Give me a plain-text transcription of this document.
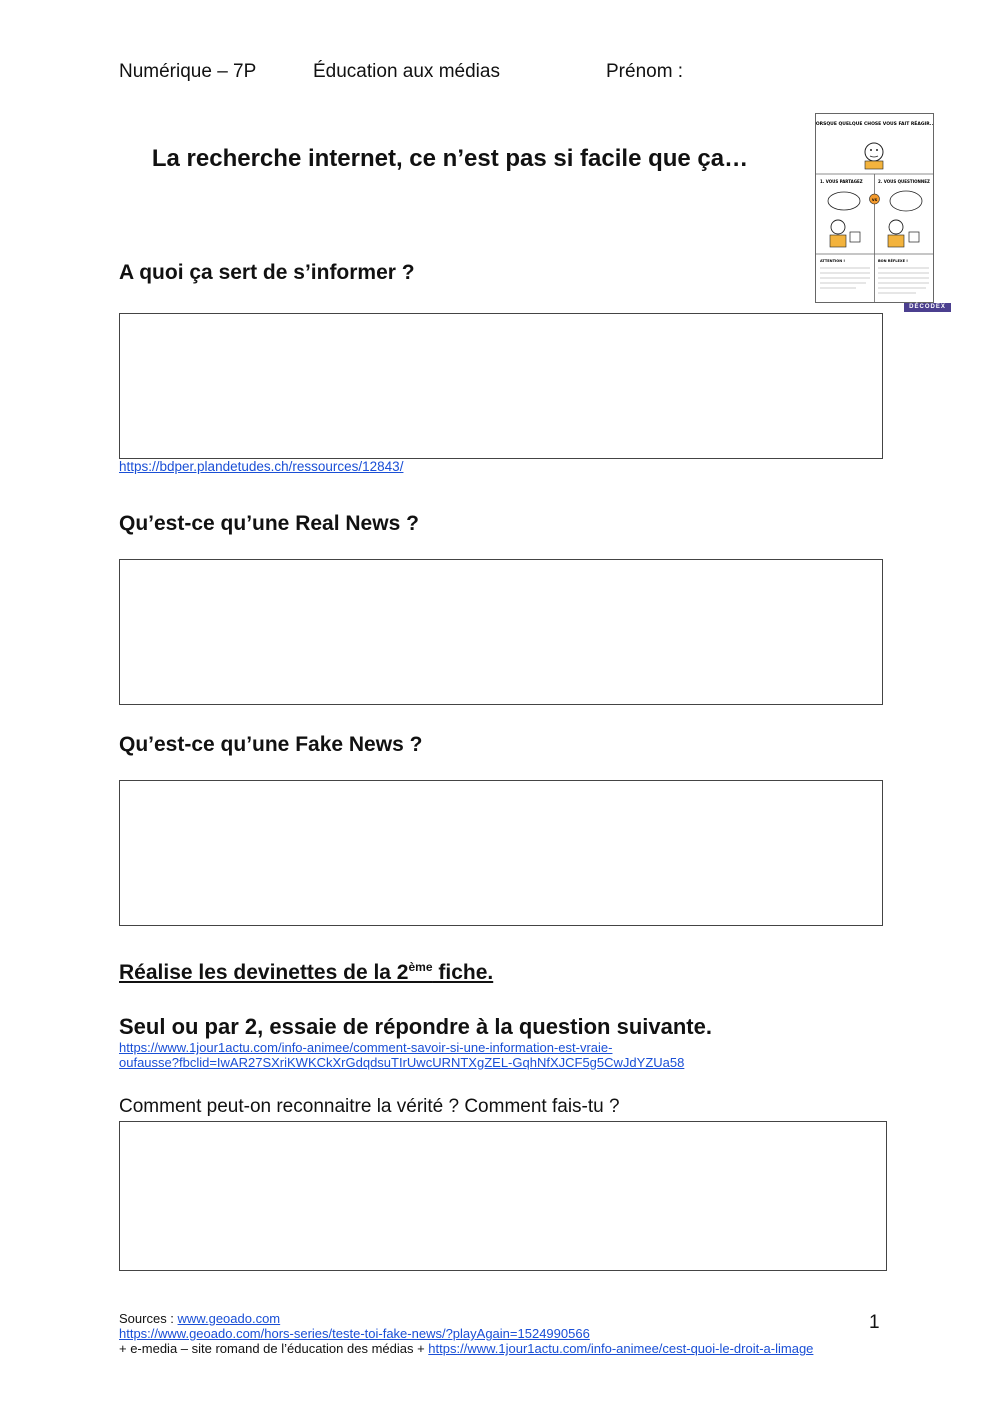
Numérique – 7P	Éducation aux médias	Prénom :
La recherche internet, ce n’est pas si facile que ça…
LORSQUE QUELQUE CHOSE VOUS FAIT RÉAGIR...
1. VOUS PARTAGEZ	2. VOUS QUESTIONNEZ
VS
ATTENTION !	BON RÉFLEXE !
DÉCODEX
A quoi ça sert de s’informer ?
https://bdper.plandetudes.ch/ressources/12843/
Qu’est-ce qu’une Real News ?
Qu’est-ce qu’une Fake News ?
Réalise les devinettes de la 2ème fiche.
Seul ou par 2, essaie de répondre à la question suivante.
https://www.1jour1actu.com/info-animee/comment-savoir-si-une-information-est-vraie-
oufausse?fbclid=IwAR27SXriKWKCkXrGdqdsuTIrUwcURNTXgZEL-GqhNfXJCF5g5CwJdYZUa58
Comment peut-on reconnaitre la vérité ? Comment fais-tu ?
Sources : www.geoado.com
https://www.geoado.com/hors-series/teste-toi-fake-news/?playAgain=1524990566
+ e-media – site romand de l’éducation des médias + https://www.1jour1actu.com/info-animee/cest-quoi-le-droit-a-limage
1
